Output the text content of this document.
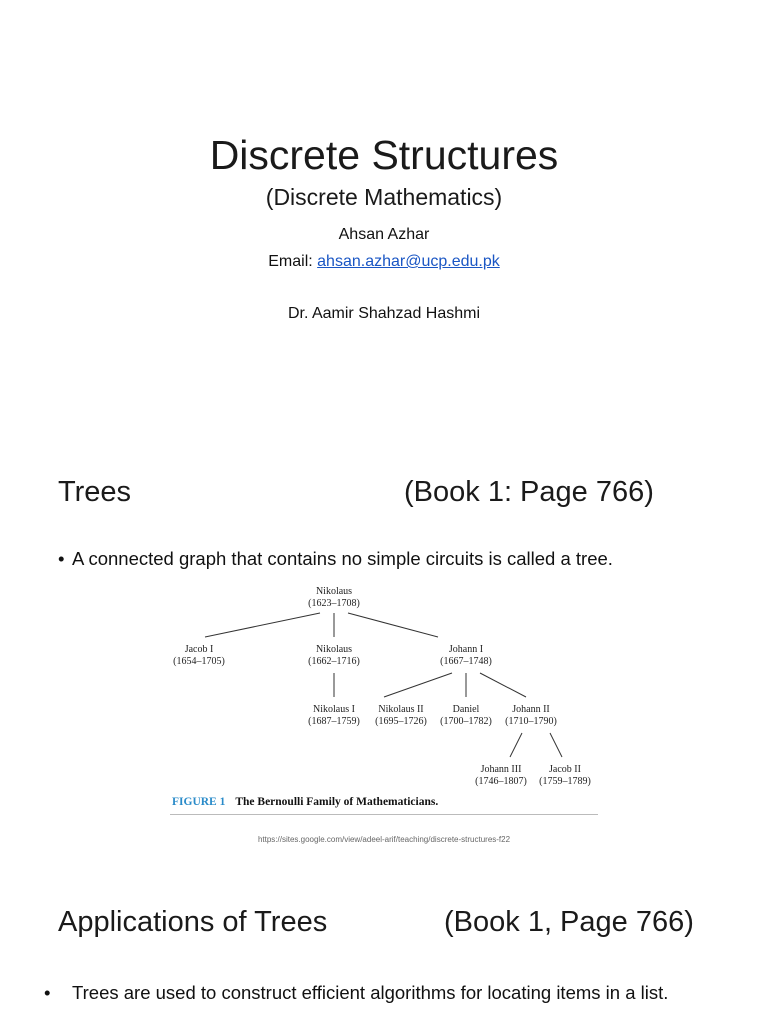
Discrete Structures
(Discrete Mathematics)
Ahsan Azhar
Email: ahsan.azhar@ucp.edu.pk
Dr. Aamir Shahzad Hashmi
Trees	(Book 1: Page 766)
• A connected graph that contains no simple circuits is called a tree.
Nikolaus
(1623–1708)
Jacob I
(1654–1705)
Nikolaus
(1662–1716)
Johann I
(1667–1748)
Nikolaus I
(1687–1759)
Nikolaus II
(1695–1726)
Daniel
(1700–1782)
Johann II
(1710–1790)
Johann III
(1746–1807)
Jacob II
(1759–1789)
FIGURE 1 The Bernoulli Family of Mathematicians.
https://sites.google.com/view/adeel-arif/teaching/discrete-structures-f22
Applications of Trees	(Book 1, Page 766)
• Trees are used to construct efficient algorithms for locating items in a list.
